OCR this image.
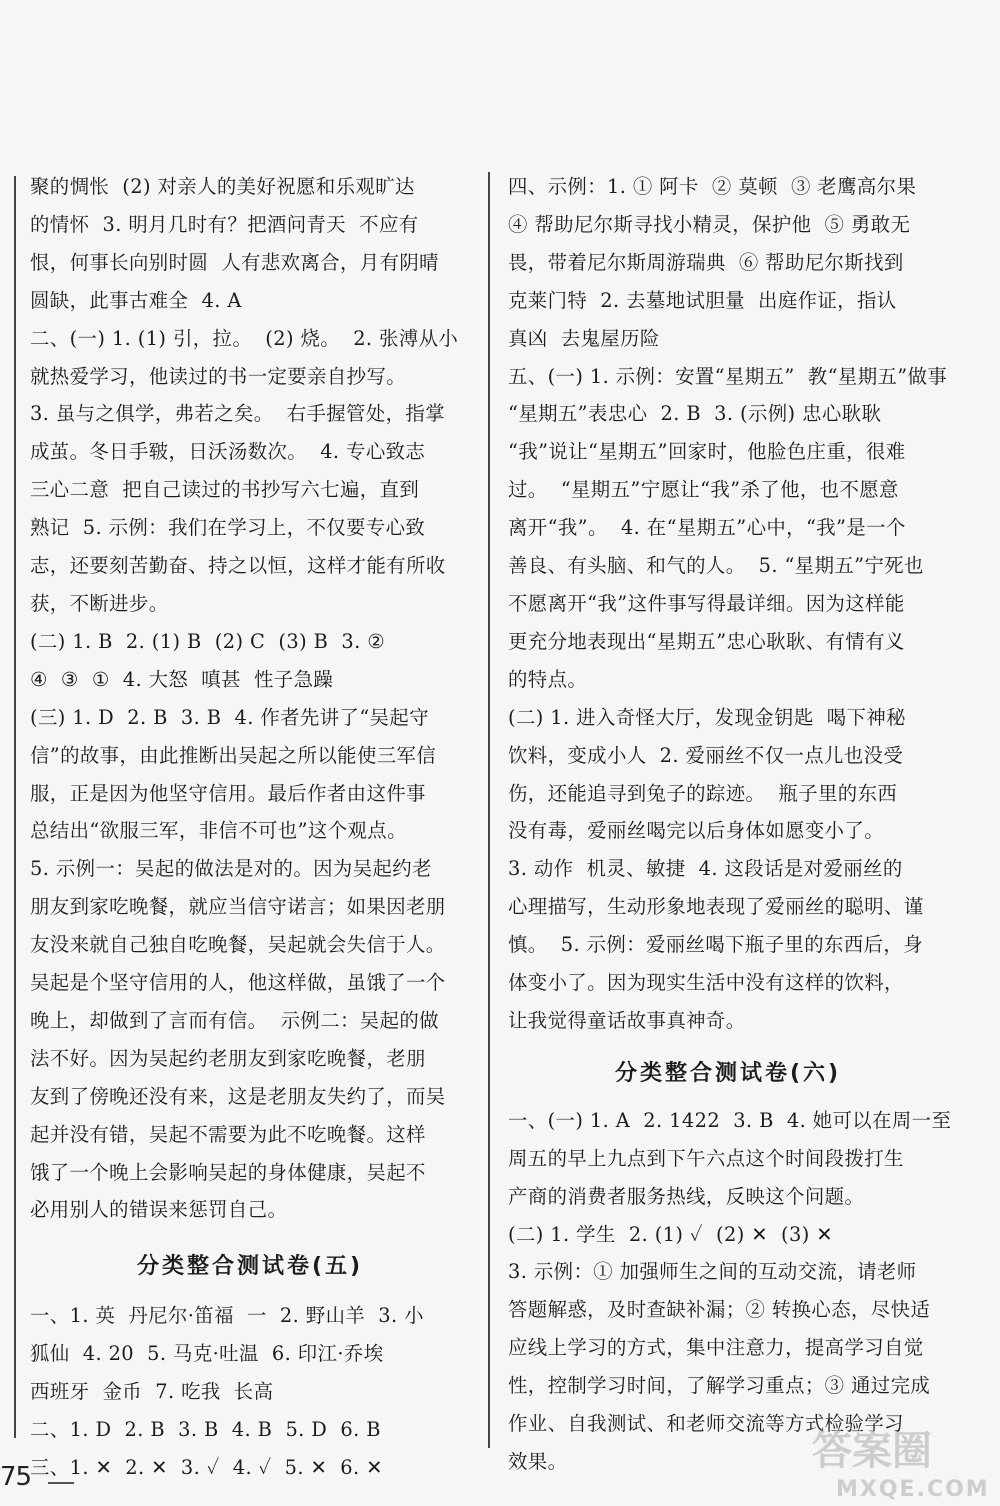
聚的惆怅  (2) 对亲人的美好祝愿和乐观旷达
的情怀  3. 明月几时有？把酒问青天  不应有
恨，何事长向别时圆  人有悲欢离合，月有阴晴
圆缺，此事古难全  4. A
二、(一) 1. (1) 引，拉。  (2) 烧。  2. 张溥从小
就热爱学习，他读过的书一定要亲自抄写。
3. 虽与之俱学，弗若之矣。  右手握管处，指掌
成茧。冬日手皲，日沃汤数次。  4. 专心致志
三心二意  把自己读过的书抄写六七遍，直到
熟记  5. 示例：我们在学习上，不仅要专心致
志，还要刻苦勤奋、持之以恒，这样才能有所收
获，不断进步。
(二) 1. B  2. (1) B  (2) C  (3) B  3. ②
④  ③  ①  4. 大怒  嗔甚  性子急躁
(三) 1. D  2. B  3. B  4. 作者先讲了“吴起守
信”的故事，由此推断出吴起之所以能使三军信
服，正是因为他坚守信用。最后作者由这件事
总结出“欲服三军，非信不可也”这个观点。
5. 示例一：吴起的做法是对的。因为吴起约老
朋友到家吃晚餐，就应当信守诺言；如果因老朋
友没来就自己独自吃晚餐，吴起就会失信于人。
吴起是个坚守信用的人，他这样做，虽饿了一个
晚上，却做到了言而有信。  示例二：吴起的做
法不好。因为吴起约老朋友到家吃晚餐，老朋
友到了傍晚还没有来，这是老朋友失约了，而吴
起并没有错，吴起不需要为此不吃晚餐。这样
饿了一个晚上会影响吴起的身体健康，吴起不
必用别人的错误来惩罚自己。
分类整合测试卷(五)
一、1. 英  丹尼尔·笛福  一  2. 野山羊  3. 小
狐仙  4. 20  5. 马克·吐温  6. 印江·乔埃
西班牙  金币  7. 吃我  长高
二、1. D  2. B  3. B  4. B  5. D  6. B
三、1. ✕  2. ✕  3. ✓  4. ✓  5. ✕  6. ✕
四、示例：1. ① 阿卡  ② 莫顿  ③ 老鹰高尔果
④ 帮助尼尔斯寻找小精灵，保护他  ⑤ 勇敢无
畏，带着尼尔斯周游瑞典  ⑥ 帮助尼尔斯找到
克莱门特  2. 去墓地试胆量  出庭作证，指认
真凶  去鬼屋历险
五、(一) 1. 示例：安置“星期五”  教“星期五”做事
“星期五”表忠心  2. B  3. (示例) 忠心耿耿
“我”说让“星期五”回家时，他脸色庄重，很难
过。  “星期五”宁愿让“我”杀了他，也不愿意
离开“我”。  4. 在“星期五”心中，“我”是一个
善良、有头脑、和气的人。  5. “星期五”宁死也
不愿离开“我”这件事写得最详细。因为这样能
更充分地表现出“星期五”忠心耿耿、有情有义
的特点。
(二) 1. 进入奇怪大厅，发现金钥匙  喝下神秘
饮料，变成小人  2. 爱丽丝不仅一点儿也没受
伤，还能追寻到兔子的踪迹。  瓶子里的东西
没有毒，爱丽丝喝完以后身体如愿变小了。
3. 动作  机灵、敏捷  4. 这段话是对爱丽丝的
心理描写，生动形象地表现了爱丽丝的聪明、谨
慎。  5. 示例：爱丽丝喝下瓶子里的东西后，身
体变小了。因为现实生活中没有这样的饮料，
让我觉得童话故事真神奇。
分类整合测试卷(六)
一、(一) 1. A  2. 1422  3. B  4. 她可以在周一至
周五的早上九点到下午六点这个时间段拨打生
产商的消费者服务热线，反映这个问题。
(二) 1. 学生  2. (1) ✓  (2) ✕  (3) ✕
3. 示例：① 加强师生之间的互动交流，请老师
答题解惑，及时查缺补漏；② 转换心态，尽快适
应线上学习的方式，集中注意力，提高学习自觉
性，控制学习时间，了解学习重点；③ 通过完成
作业、自我测试、和老师交流等方式检验学习
效果。
75
答案圈
MXQE.COM
